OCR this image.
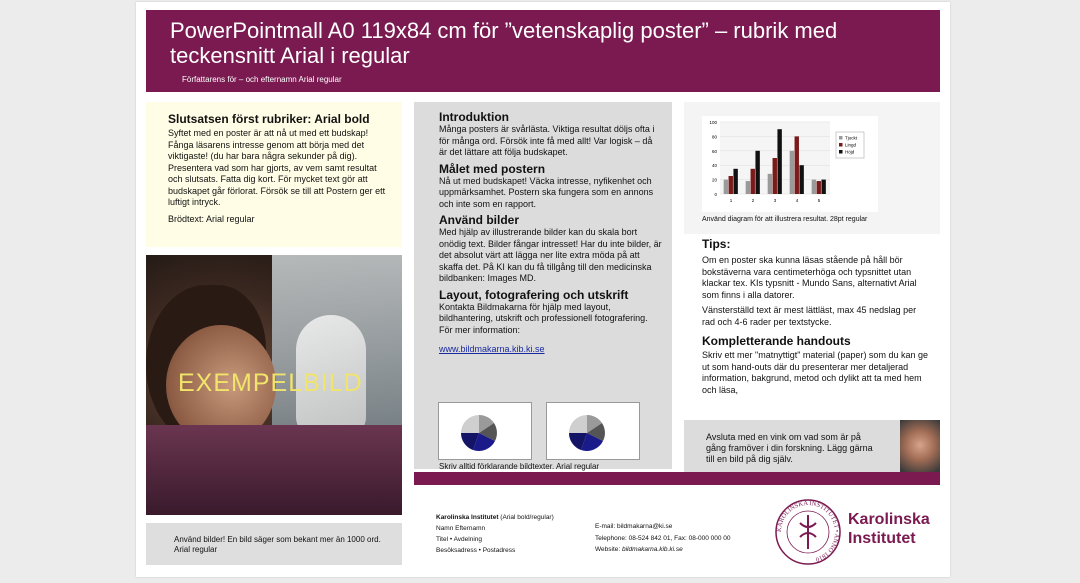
PowerPointmall A0 119x84 cm för ”vetenskaplig poster” – rubrik med teckensnitt Arial i regular
Författarens för – och efternamn Arial regular
Slutsatsen först rubriker: Arial bold

Syftet med en poster är att nå ut med ett budskap! Fånga läsarens intresse genom att börja med det viktigaste! (du har bara några sekunder på dig). Presentera vad som har gjorts, av vem samt resultat och slutsats. Fatta dig kort. För mycket text gör att budskapet går förlorat. Försök se till att Postern ger ett luftigt intryck.

Brödtext: Arial regular

EXEMPELBILD
Använd bilder! En bild säger som bekant mer än 1000 ord. Arial regular
Introduktion

Många posters är svårlästa. Viktiga resultat döljs ofta i för många ord. Försök inte få med allt! Var logisk – då är det lättare att följa budskapet.

Målet med postern

Nå ut med budskapet! Väcka intresse, nyfikenhet och uppmärksamhet. Postern ska fungera som en annons och inte som en rapport.

Använd bilder

Med hjälp av illustrerande bilder kan du skala bort onödig text. Bilder fångar intresset! Har du inte bilder, är det absolut värt att lägga ner lite extra möda på att skaffa det. På KI kan du få tillgång till den medicinska bildbanken: Images MD.

Layout, fotografering och utskrift

Kontakta Bildmakarna för hjälp med layout, bildhantering, utskrift och professionell fotografering. För mer information:

www.bildmakarna.kib.ki.se
Skriv alltid förklarande bildtexter. Arial regular
0
20
40
60
80
100
1	2	3	4	5
Tjockt
Lingd
Höjd
Använd diagram för att illustrera resultat. 28pt regular
Tips:

Om en poster ska kunna läsas stående på håll bör bokstäverna vara centimeterhöga och typsnittet utan klackar tex. KIs typsnitt - Mundo Sans, alternativt Arial som finns i alla datorer.

Vänsterställd text är mest lättläst, max 45 nedslag per rad och 4-6 rader per textstycke.

Kompletterande handouts

Skriv ett mer "matnyttigt" material (paper) som du kan ge ut som hand-outs där du presenterar mer detaljerad information, bakgrund, metod och dylikt att ta med hem och läsa,

Avsluta med en vink om vad som är på gång framöver i din forskning. Lägg gärna till en bild på dig själv.
Karolinska Institutet (Arial bold/regular)
Namn Efternamn
Titel • Avdelning
Besöksadress • Postadress
E-mail: bildmakarna@ki.se
Telephone: 08-524 842 01, Fax: 08-000 000 00
Website: bildmakarna.kib.ki.se
KAROLINSKA INSTITUTET • ANNO 1810
Karolinska
Institutet
